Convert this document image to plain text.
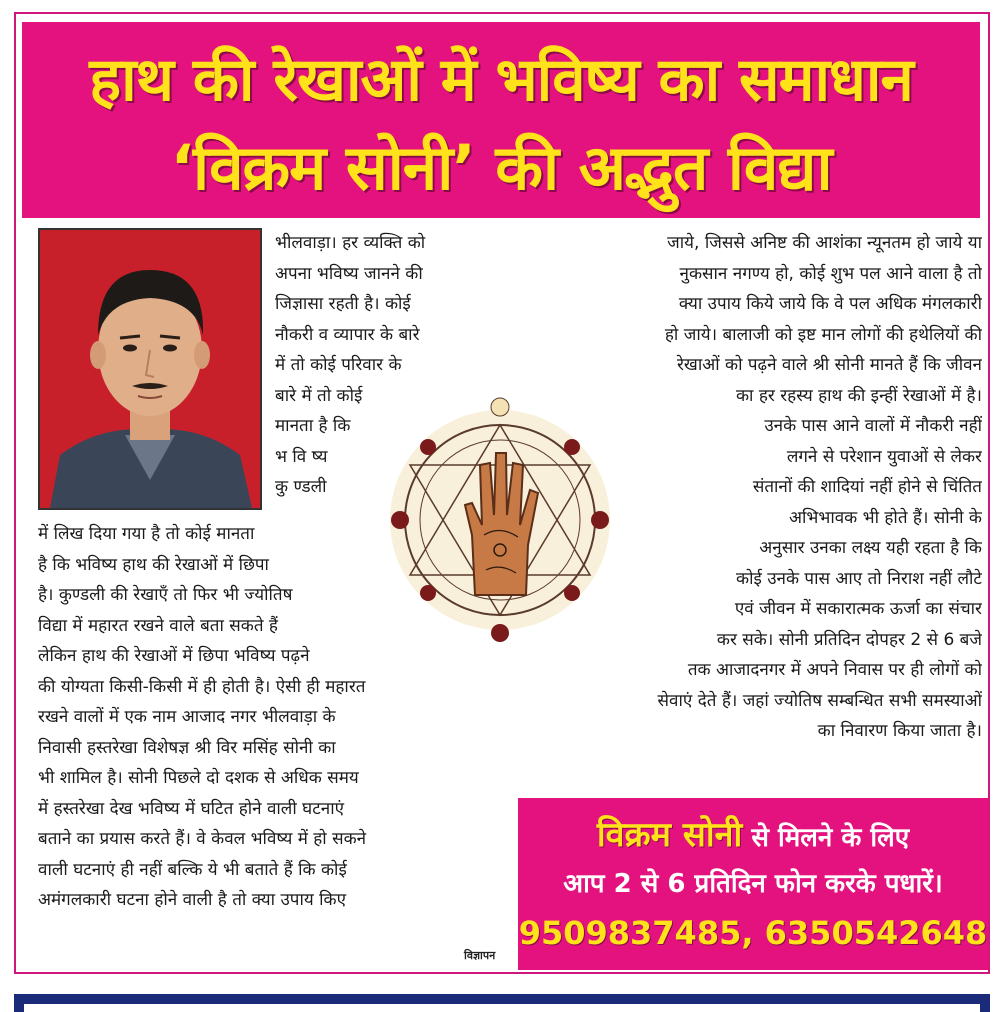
हाथ की रेखाओं में भविष्य का समाधान
‘विक्रम सोनी’ की अद्भुत विद्या

भीलवाड़ा। हर व्यक्ति को

अपना भविष्य जानने की

जिज्ञासा रहती है। कोई

नौकरी व व्यापार के बारे

में तो कोई परिवार के

बारे में तो कोई

मानता है कि

भ वि ष्य

कु ण्डली

में लिख दिया गया है तो कोई मानता

है कि भविष्य हाथ की रेखाओं में छिपा

है। कुण्डली की रेखाएँ तो फिर भी ज्योतिष

विद्या में महारत रखने वाले बता सकते हैं

लेकिन हाथ की रेखाओं में छिपा भविष्य पढ़ने

की योग्यता किसी-किसी में ही होती है। ऐसी ही महारत

रखने वालों में एक नाम आजाद नगर भीलवाड़ा के

निवासी हस्तरेखा विशेषज्ञ श्री विर मसिंह सोनी का

भी शामिल है। सोनी पिछले दो दशक से अधिक समय

में हस्तरेखा देख भविष्य में घटित होने वाली घटनाएं

बताने का प्रयास करते हैं। वे केवल भविष्य में हो सकने

वाली घटनाएं ही नहीं बल्कि ये भी बताते हैं कि कोई

अमंगलकारी घटना होने वाली है तो क्या उपाय किए

जाये, जिससे अनिष्ट की आशंका न्यूनतम हो जाये या

नुकसान नगण्य हो, कोई शुभ पल आने वाला है तो

क्या उपाय किये जाये कि वे पल अधिक मंगलकारी

हो जाये। बालाजी को इष्ट मान लोगों की हथेलियों की

रेखाओं को पढ़ने वाले श्री सोनी मानते हैं कि जीवन

का हर रहस्य हाथ की इन्हीं रेखाओं में है।

उनके पास आने वालों में नौकरी नहीं

लगने से परेशान युवाओं से लेकर

संतानों की शादियां नहीं होने से चिंतित

अभिभावक भी होते हैं। सोनी के

अनुसार उनका लक्ष्य यही रहता है कि

कोई उनके पास आए तो निराश नहीं लौटे

एवं जीवन में सकारात्मक ऊर्जा का संचार

कर सके। सोनी प्रतिदिन दोपहर 2 से 6 बजे

तक आजादनगर में अपने निवास पर ही लोगों को

सेवाएं देते हैं। जहां ज्योतिष सम्बन्धित सभी समस्याओं

का निवारण किया जाता है।

विज्ञापन
विक्रम सोनी से मिलने के लिए
आप 2 से 6 प्रतिदिन फोन करके पधारें।
9509837485, 6350542648
